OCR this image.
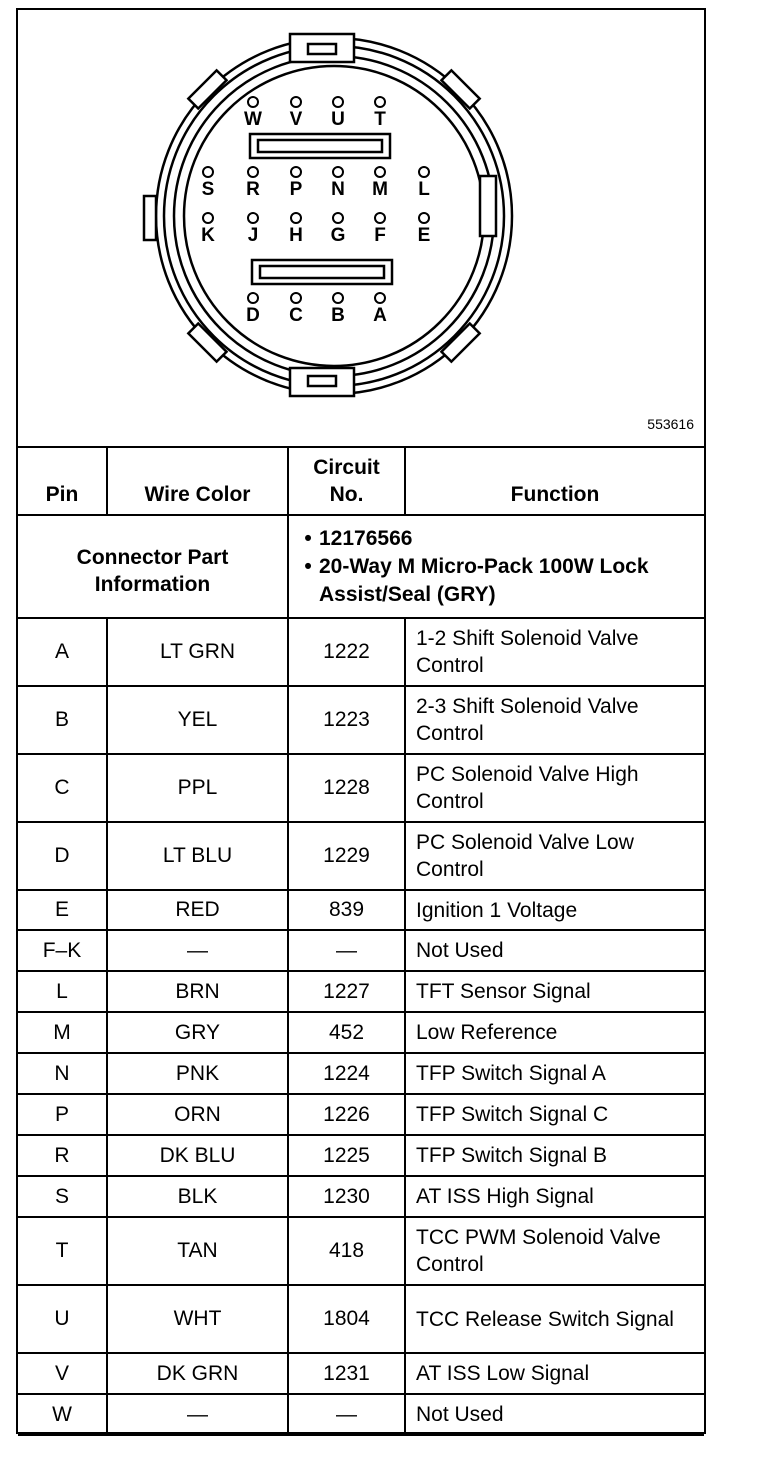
W V U T
S R P N M L
K J H G F E
D C B A
553616
Connector Part Information		• 12176566
• 20-Way M Micro-Pack 100W Lock Assist/Seal (GRY)	

Pin	Wire Color	Circuit No.	Function
A	LT GRN	1222	1-2 Shift Solenoid Valve Control
B	YEL	1223	2-3 Shift Solenoid Valve Control
C	PPL	1228	PC Solenoid Valve High Control
D	LT BLU	1229	PC Solenoid Valve Low Control
E	RED	839	Ignition 1 Voltage
F–K	—	—	Not Used
L	BRN	1227	TFT Sensor Signal
M	GRY	452	Low Reference
N	PNK	1224	TFP Switch Signal A
P	ORN	1226	TFP Switch Signal C
R	DK BLU	1225	TFP Switch Signal B
S	BLK	1230	AT ISS High Signal
T	TAN	418	TCC PWM Solenoid Valve Control
U	WHT	1804	TCC Release Switch Signal
V	DK GRN	1231	AT ISS Low Signal
W	—	—	Not Used
